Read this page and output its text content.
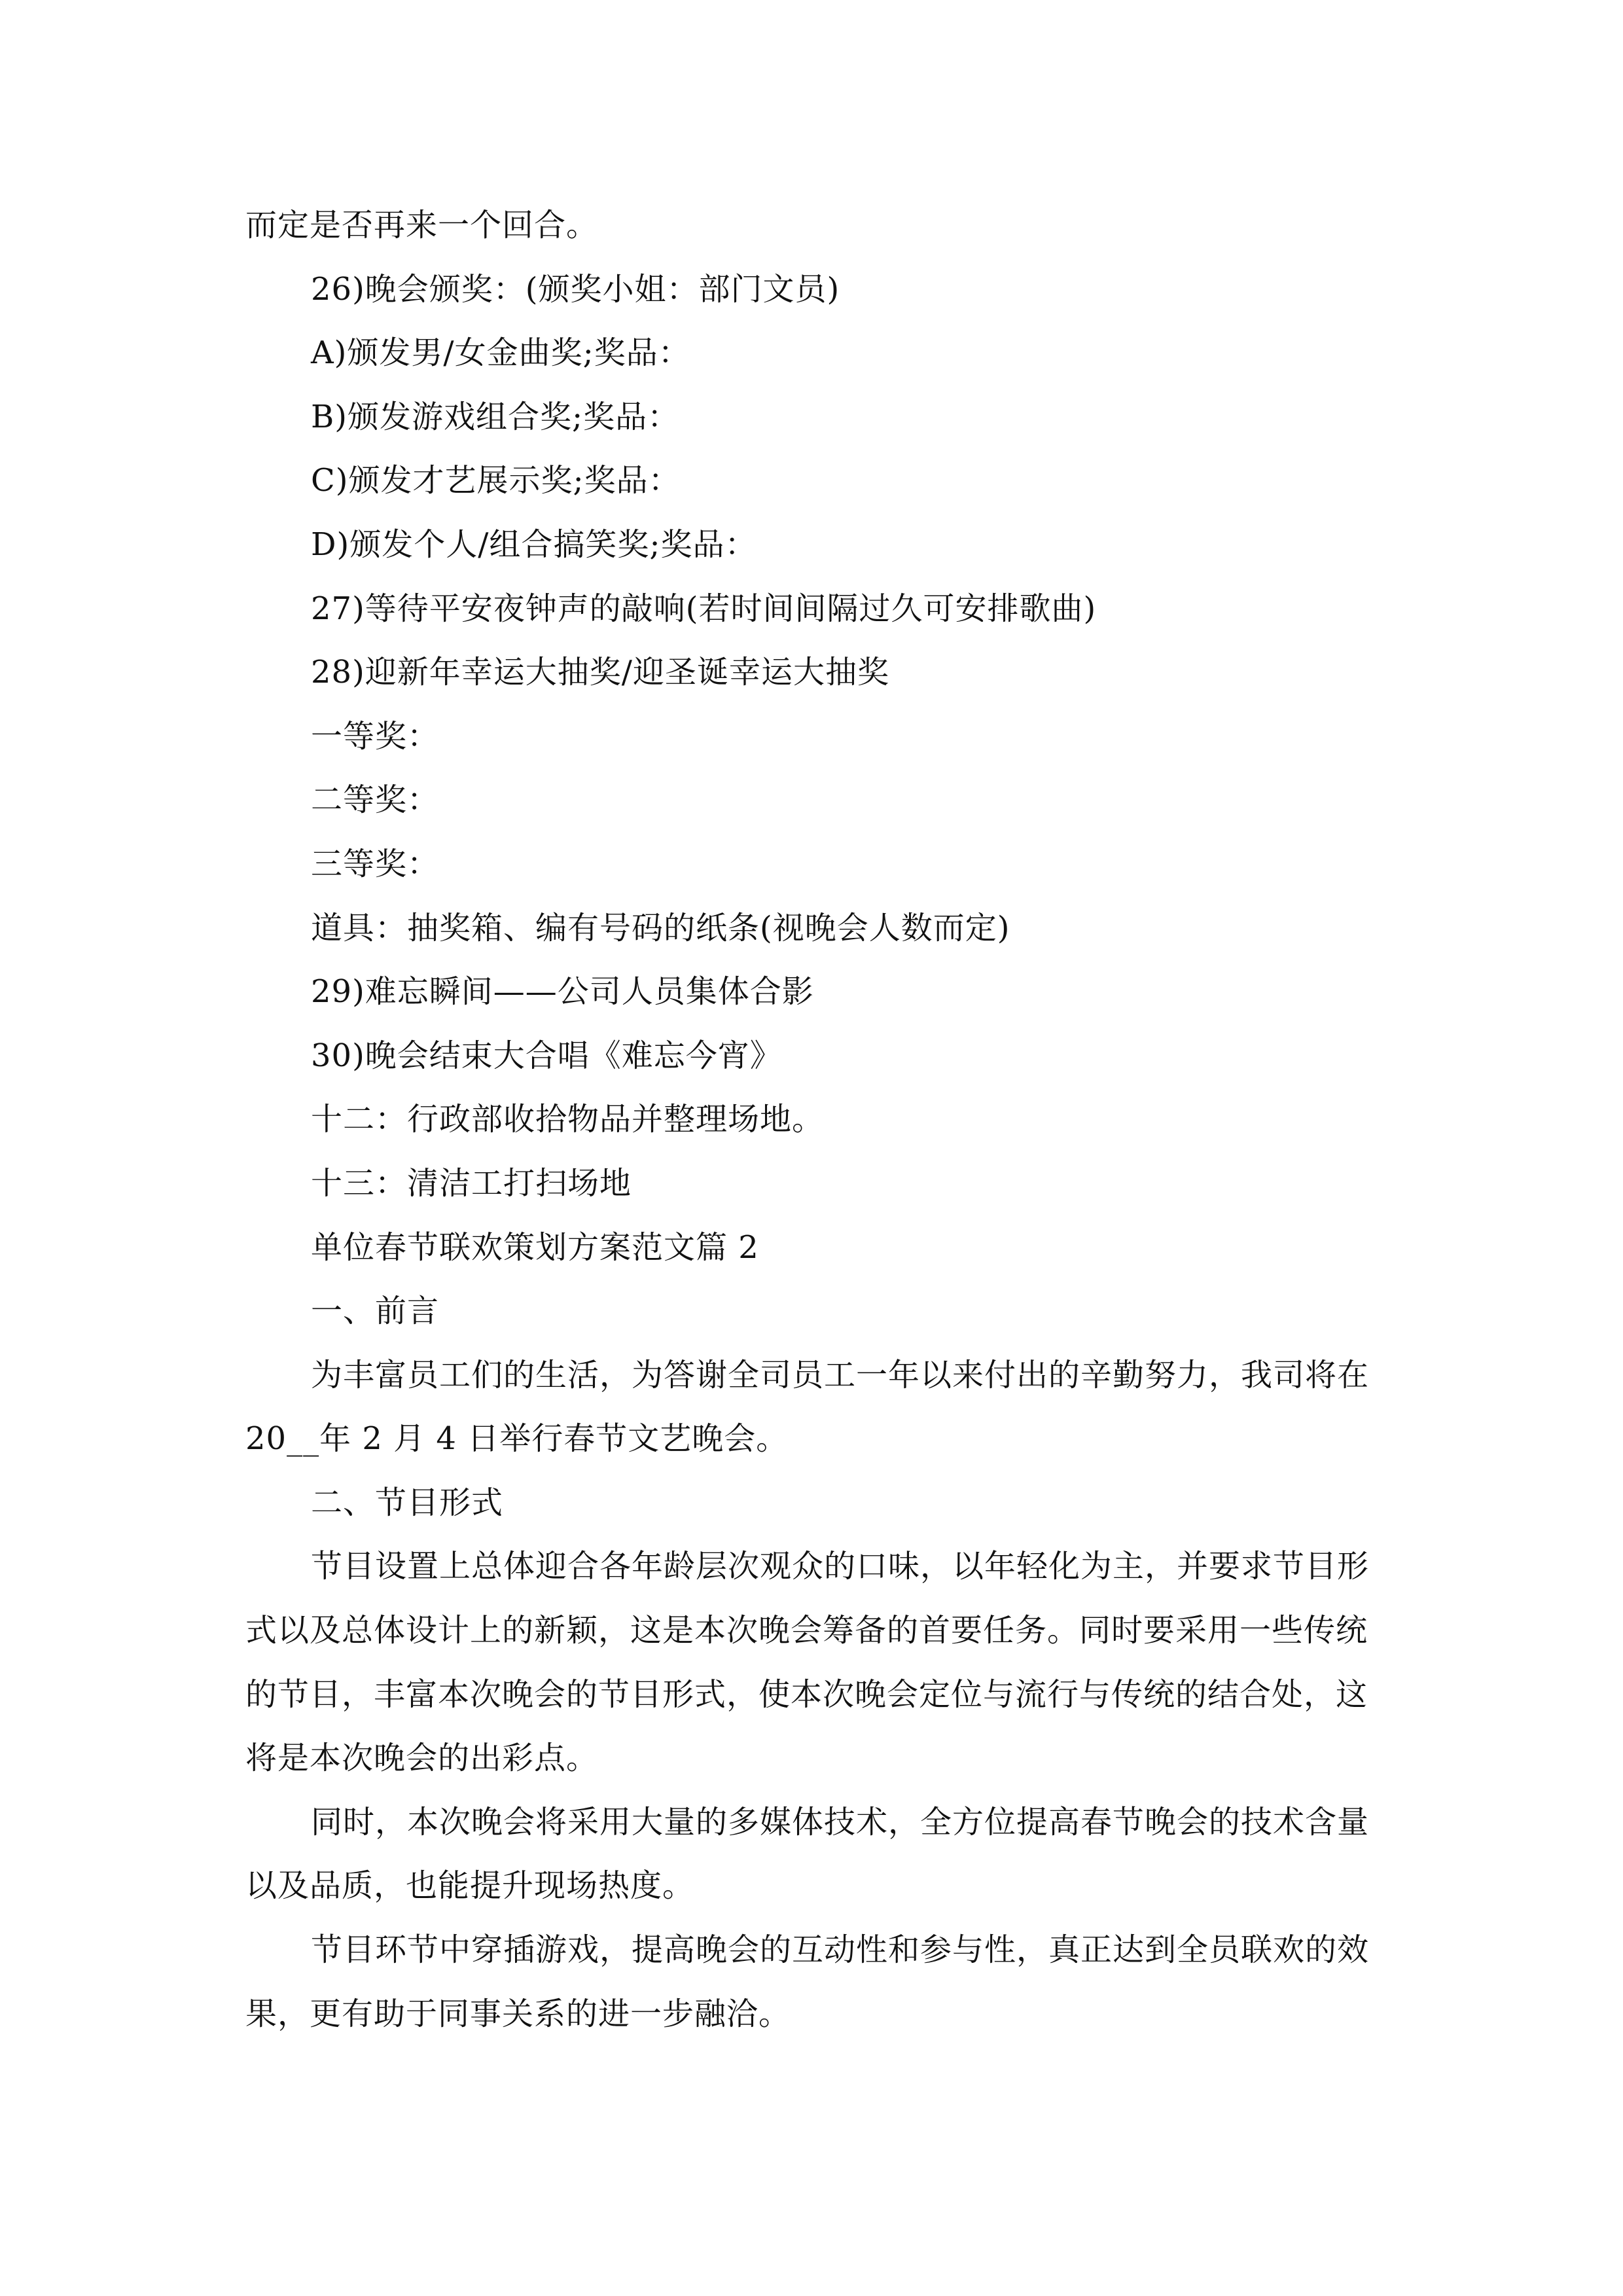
而定是否再来一个回合。

26)晚会颁奖：(颁奖小姐：部门文员)

A)颁发男/女金曲奖;奖品：

B)颁发游戏组合奖;奖品：

C)颁发才艺展示奖;奖品：

D)颁发个人/组合搞笑奖;奖品：

27)等待平安夜钟声的敲响(若时间间隔过久可安排歌曲)

28)迎新年幸运大抽奖/迎圣诞幸运大抽奖

一等奖：

二等奖：

三等奖：

道具：抽奖箱、编有号码的纸条(视晚会人数而定)

29)难忘瞬间——公司人员集体合影

30)晚会结束大合唱《难忘今宵》

十二：行政部收拾物品并整理场地。

十三：清洁工打扫场地

单位春节联欢策划方案范文篇 2

一、前言

为丰富员工们的生活，为答谢全司员工一年以来付出的辛勤努力，我司将在

20__年 2 月 4 日举行春节文艺晚会。

二、节目形式

节目设置上总体迎合各年龄层次观众的口味，以年轻化为主，并要求节目形

式以及总体设计上的新颖，这是本次晚会筹备的首要任务。同时要采用一些传统

的节目，丰富本次晚会的节目形式，使本次晚会定位与流行与传统的结合处，这

将是本次晚会的出彩点。

同时，本次晚会将采用大量的多媒体技术，全方位提高春节晚会的技术含量

以及品质，也能提升现场热度。

节目环节中穿插游戏，提高晚会的互动性和参与性，真正达到全员联欢的效

果，更有助于同事关系的进一步融洽。
